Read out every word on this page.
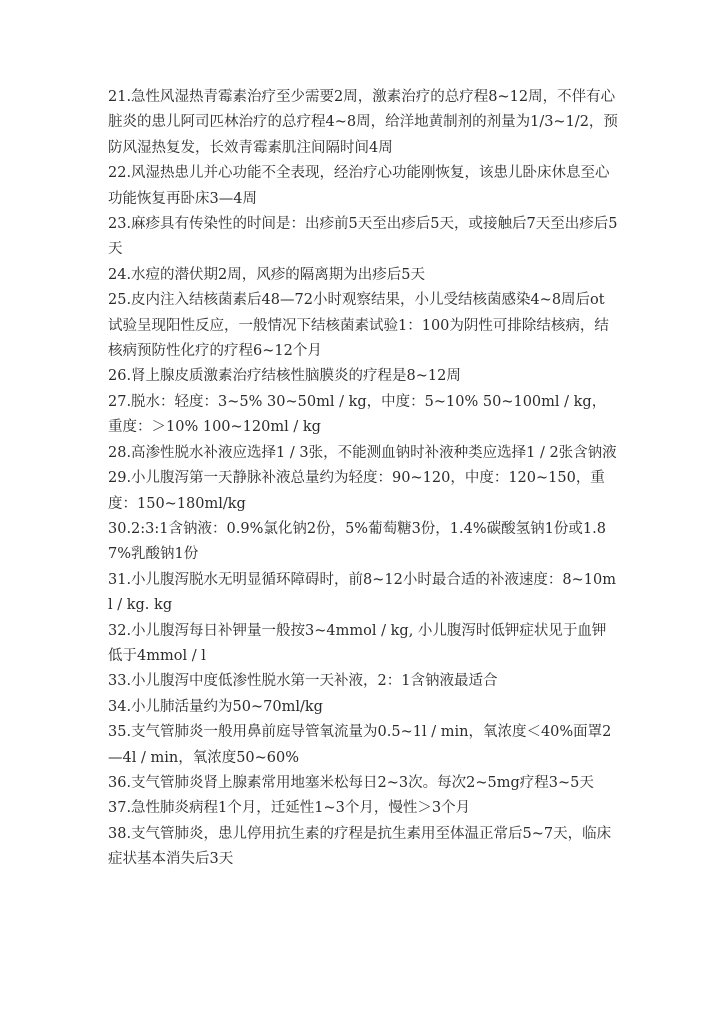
21.急性风湿热青霉素治疗至少需要2周，激素治疗的总疗程8~12周，不伴有心脏炎的患儿阿司匹林治疗的总疗程4~8周，给洋地黄制剂的剂量为1/3~1/2，预防风湿热复发，长效青霉素肌注间隔时间4周

22.风湿热患儿并心功能不全表现，经治疗心功能刚恢复，该患儿卧床休息至心功能恢复再卧床3—4周

23.麻疹具有传染性的时间是：出疹前5天至出疹后5天，或接触后7天至出疹后5天

24.水痘的潜伏期2周，风疹的隔离期为出疹后5天

25.皮内注入结核菌素后48—72小时观察结果，小儿受结核菌感染4~8周后ot试验呈现阳性反应，一般情况下结核菌素试验1：100为阴性可排除结核病，结核病预防性化疗的疗程6~12个月

26.肾上腺皮质激素治疗结核性脑膜炎的疗程是8~12周

27.脱水：轻度：3~5% 30~50ml / kg，中度：5~10% 50~100ml / kg，重度：＞10% 100~120ml / kg

28.高渗性脱水补液应选择1 / 3张，不能测血钠时补液种类应选择1 / 2张含钠液

29.小儿腹泻第一天静脉补液总量约为轻度：90~120，中度：120~150，重度：150~180ml/kg

30.2:3:1含钠液：0.9%氯化钠2份，5%葡萄糖3份，1.4%碳酸氢钠1份或1.87%乳酸钠1份

31.小儿腹泻脱水无明显循环障碍时，前8~12小时最合适的补液速度：8~10ml / kg. kg

32.小儿腹泻每日补钾量一般按3~4mmol / kg, 小儿腹泻时低钾症状见于血钾低于4mmol / l

33.小儿腹泻中度低渗性脱水第一天补液，2：1含钠液最适合

34.小儿肺活量约为50~70ml/kg

35.支气管肺炎一般用鼻前庭导管氧流量为0.5~1l / min，氧浓度＜40%面罩2—4l / min，氧浓度50~60%

36.支气管肺炎肾上腺素常用地塞米松每日2~3次。每次2~5mg疗程3~5天

37.急性肺炎病程1个月，迁延性1~3个月，慢性＞3个月

38.支气管肺炎，患儿停用抗生素的疗程是抗生素用至体温正常后5~7天，临床症状基本消失后3天
